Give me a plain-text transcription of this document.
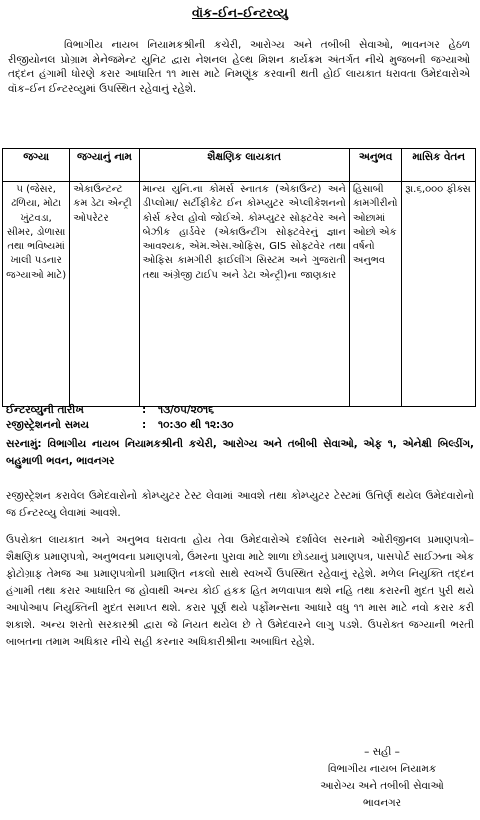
વૉક–ઈન–ઈન્ટરવ્યુ
વિભાગીય નાયબ નિયામકશ્રીની કચેરી, આરોગ્ય અને તબીબી સેવાઓ, ભાવનગર હેઠળ રીજીયોનલ પ્રોગ્રામ મેનેજમેન્ટ યુનિટ દ્વારા નેશનલ હેલ્થ મિશન કાર્યક્રમ અંતર્ગત નીચે મુજબની જગ્યાઓ તદ્દન હંગામી ધોરણે કરાર આધારિત ૧૧ માસ માટે નિમણૂંક કરવાની થતી હોઈ લાયકાત ધરાવતા ઉમેદવારોએ વૉક–ઈન ઈન્ટરવ્યુમાં ઉપસ્થિત રહેવાનું રહેશે.
જગ્યા	જગ્યાનું નામ	શૈક્ષણિક લાયકાત	અનુભવ	માસિક વેતન
૫ (જેસર, ઢળિયા, મોટા ખુંટવડા, સીમર, ડોળાસા તથા ભવિષ્યમાં ખાલી પડનાર જગ્યાઓ માટે)	એકાઉન્ટન્ટ કમ ડેટા એન્ટ્રી ઓપરેટર	માન્ય યુનિ.ના કોમર્સ સ્નાતક (એકાઉન્ટ) અને ડીપ્લોમા/ સર્ટીફીકેટ ઈન કોમ્પ્યુટર એપ્લીકેશનનો કોર્સ કરેલ હોવો જોઈએ. કોમ્પ્યુટર સોફ્ટવેર અને બેઝીક હાર્ડવેર (એકાઉન્ટીંગ સોફ્ટવેરનું જ્ઞાન આવશ્યક, એમ.એસ.ઓફિસ, GIS સોફ્ટવેર તથા ઓફિસ કામગીરી ફાઈલીંગ સિસ્ટમ અને ગુજરાતી તથા અંગ્રેજી ટાઈપ અને ડેટા એન્ટ્રી)ના જાણકાર	હિસાબી કામગીરીનો ઓછામાં ઓછો એક વર્ષનો અનુભવ	રૂા.૬,૦૦૦ ફીક્સ
ઈન્ટરવ્યુની તારીખ	: ૧૩/૦૫/૨૦૧૬
રજીસ્ટ્રેશનનો સમય	: ૧૦:૩૦ થી ૧૨:૩૦
સરનામું: વિભાગીય નાયબ નિયામકશ્રીની કચેરી, આરોગ્ય અને તબીબી સેવાઓ, એફ ૧, એનેક્ષી બિલ્ડીંગ, બહુમાળી ભવન, ભાવનગર
રજીસ્ટ્રેશન કરાવેલ ઉમેદવારોનો કોમ્પ્યુટર ટેસ્ટ લેવામાં આવશે તથા કોમ્પ્યુટર ટેસ્ટમાં ઉત્તિર્ણ થયેલ ઉમેદવારોનો જ ઈન્ટરવ્યુ લેવામાં આવશે.
ઉપરોક્ત લાયકાત અને અનુભવ ધરાવતા હોય તેવા ઉમેદવારોએ દર્શાવેલ સરનામે ઓરીજીનલ પ્રમાણપત્રો– શૈક્ષણિક પ્રમાણપત્રો, અનુભવના પ્રમાણપત્રો, ઉંમરના પુરાવા માટે શાળા છોડયાનું પ્રમાણપત્ર, પાસપોર્ટ સાઈઝના એક ફોટોગ્રાફ તેમજ આ પ્રમાણપત્રોની પ્રમાણિત નકલો સાથે સ્વખર્ચે ઉપસ્થિત રહેવાનું રહેશે. મળેલ નિયુક્તિ તદ્દન હંગામી તથા કરાર આધારિત જ હોવાથી અન્ય કોઈ હકક હિત મળવાપાત્ર થશે નહિ તથા કરારની મુદત પુરી થયે આપોઆપ નિયુક્તિની મુદત સમાપ્ત થશે. કરાર પૂર્ણ થયે પર્ફોમન્સના આધારે વધુ ૧૧ માસ માટે નવો કરાર કરી શકાશે. અન્ય શરતો સરકારશ્રી દ્વારા જે નિયત થયેલ છે તે ઉમેદવારને લાગુ પડશે. ઉપરોક્ત જગ્યાની ભરતી બાબતના તમામ અધિકાર નીચે સહી કરનાર અધિકારીશ્રીના અબાધિત રહેશે.
– સહી –
વિભાગીય નાયબ નિયામક
આરોગ્ય અને તબીબી સેવાઓ
ભાવનગર
